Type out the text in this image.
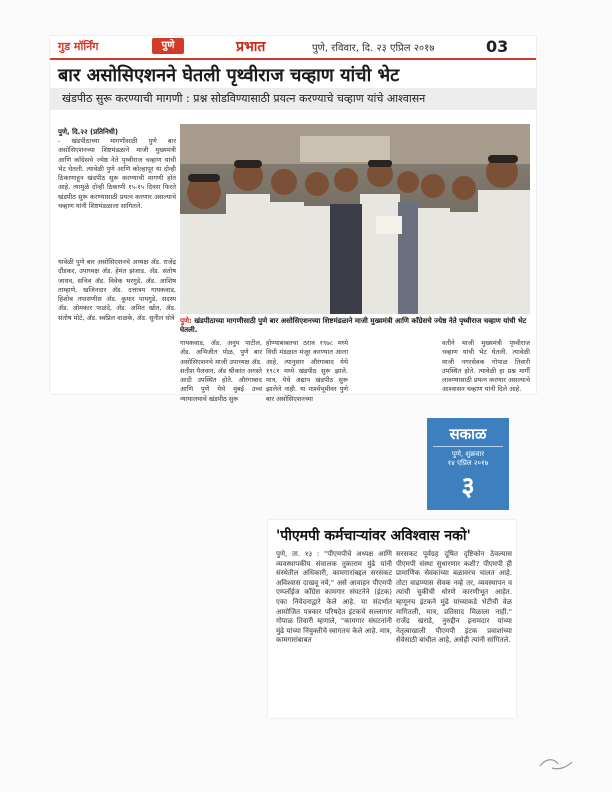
गुड मॉर्निंग	पुणे	प्रभात	पुणे, रविवार, दि. २३ एप्रिल २०१७	03
बार असोसिएशनने घेतली पृथ्वीराज चव्हाण यांची भेट
खंडपीठ सुरू करण्याची मागणी : प्रश्न सोडविण्यासाठी प्रयत्न करण्याचे चव्हाण यांचे आश्वासन
पुणे, दि.२२ (प्रतिनिधी)

- खंडपीठाच्या मागणीसाठी पुणे बार असोसिएशनच्या शिष्टमंडळाने माजी मुख्यमंत्री आणि काँग्रेसचे ज्येष्ठ नेते पृथ्वीराज चव्हाण यांची भेट घेतली. त्यावेळी पुणे आणि कोल्हापूर या दोन्ही ठिकाणाहून खंडपीठ सुरू करण्याची मागणी होत आहे. त्यामुळे दोन्ही ठिकाणी १५-१५ दिवस फिरते खंडपीठ सुरू करण्यासाठी प्रयत्न करणार असल्याचे चव्हाण यांनी शिष्टमंडळाला सांगितले.

यावेळी पुणे बार असोसिएशनचे अध्यक्ष अ‍ॅड. राजेंद्र दौंडकर, उपाध्यक्ष अ‍ॅड. हेमंत झंजाड, अ‍ॅड. संतोष जाधव, सचिव अ‍ॅड. विवेक भरगुडे, अ‍ॅड. आशिष ताम्हाणे, खजिनदार अ‍ॅड. दत्तात्रय गायकवाड, हिशोब तपासणीस अ‍ॅड. कुमार पायगुडे, सदस्य अ‍ॅड. ओमकार पाळंदे, अ‍ॅड. अमित खोत, अ‍ॅड. संतोष मोटे, अ‍ॅड. स्वप्निल वाळके, अ‍ॅड. सुनील धोत्रे पुणे: खंडपीठाच्या मागणीसाठी पुणे बार असोसिएशनच्या शिष्टमंडळाने माजी मुख्यमंत्री आणि काँग्रेसचे ज्येष्ठ नेते पृथ्वीराज चव्हाण यांची भेट घेतली.

गायकवाड, अ‍ॅड. अनुप पाटील, अ‍ॅड. अभिजीत पोळ, पुणे बार असोसिएशनचे माजी उपाध्यक्ष अ‍ॅड. सतीश पैलवान, अ‍ॅड श्रीकांत अगस्ते आदी उपस्थित होते. औरंगाबाद आणि पुणे येथे मुंबई उच्च न्यायालयाचे खंडपीठ सुरू

होण्याबाबतचा ठराव १९७८ मध्ये विधी मंडळात मंजूर करण्यात आला आहे. त्यानुसार औरंगाबाद येथे १९८१ मध्ये खंडपीठ सुरू झाले. मात्र, येथे अद्याप खंडपीठ सुरू झालेले नाही. या पार्श्वभूमीवर पुणे बार असोसिएशनच्या

वतीने माजी मुख्यमंत्री पृथ्वीराज चव्हाण यांची भेट घेतली. त्यावेळी माजी नगरसेवक गोपाळ तिवारी उपस्थित होते. त्यावेळी हा प्रश्न मार्गी लावण्यासाठी प्रयत्न करणार असल्याचे आश्वासन चव्हाण यांनी दिले आहे.

सकाळ
पुणे, शुक्रवार
१४ एप्रिल २०१७
३
'पीएमपी कर्मचाऱ्यांवर अविश्वास नको'

पुणे, ता. १३ : "पीएमपीचे अध्यक्ष आणि व्यवस्थापकीय संचालक तुकाराम मुंढे यांनी संस्थेतील अधिकारी, कामगारांबद्दल सरसकट अविश्वास दाखवू नये," असे आवाहन पीएमपी एम्प्लॉईज काँग्रेस कामगार संघटनेने (इंटक) एका निवेदनाद्वारे केले आहे. या संदर्भात आयोजित पत्रकार परिषदेत इंटकचे सल्लागार गोपाळ तिवारी म्हणाले, "कामगार संघटनांनी मुंढे यांच्या नियुक्तीचे स्वागतच केले आहे. मात्र, कामगारांबाबत

सरसकट पूर्वग्रह दूषित दृष्टिकोन ठेवल्यास पीएमपी संस्था सुधारणार कशी? पीएमपी ही प्रामाणिक सेवकांच्या बळावरच चालत आहे. तोटा वाढण्यास सेवक नव्हे तर, व्यवस्थापन व त्यांची चुकीची धोरणे कारणीभूत आहेत. म्हणूनच इंटकने मुंढे यांच्याकडे भेटीची वेळ मागितली, मात्र, प्रतिसाद मिळाला नाही." राजेंद्र खराडे, नुरुद्दीन इनामदार यांच्या नेतृत्वाखाली पीएमपी इंटक प्रवाशांच्या सेवेसाठी बांधील आहे, असेही त्यांनी सांगितले.
